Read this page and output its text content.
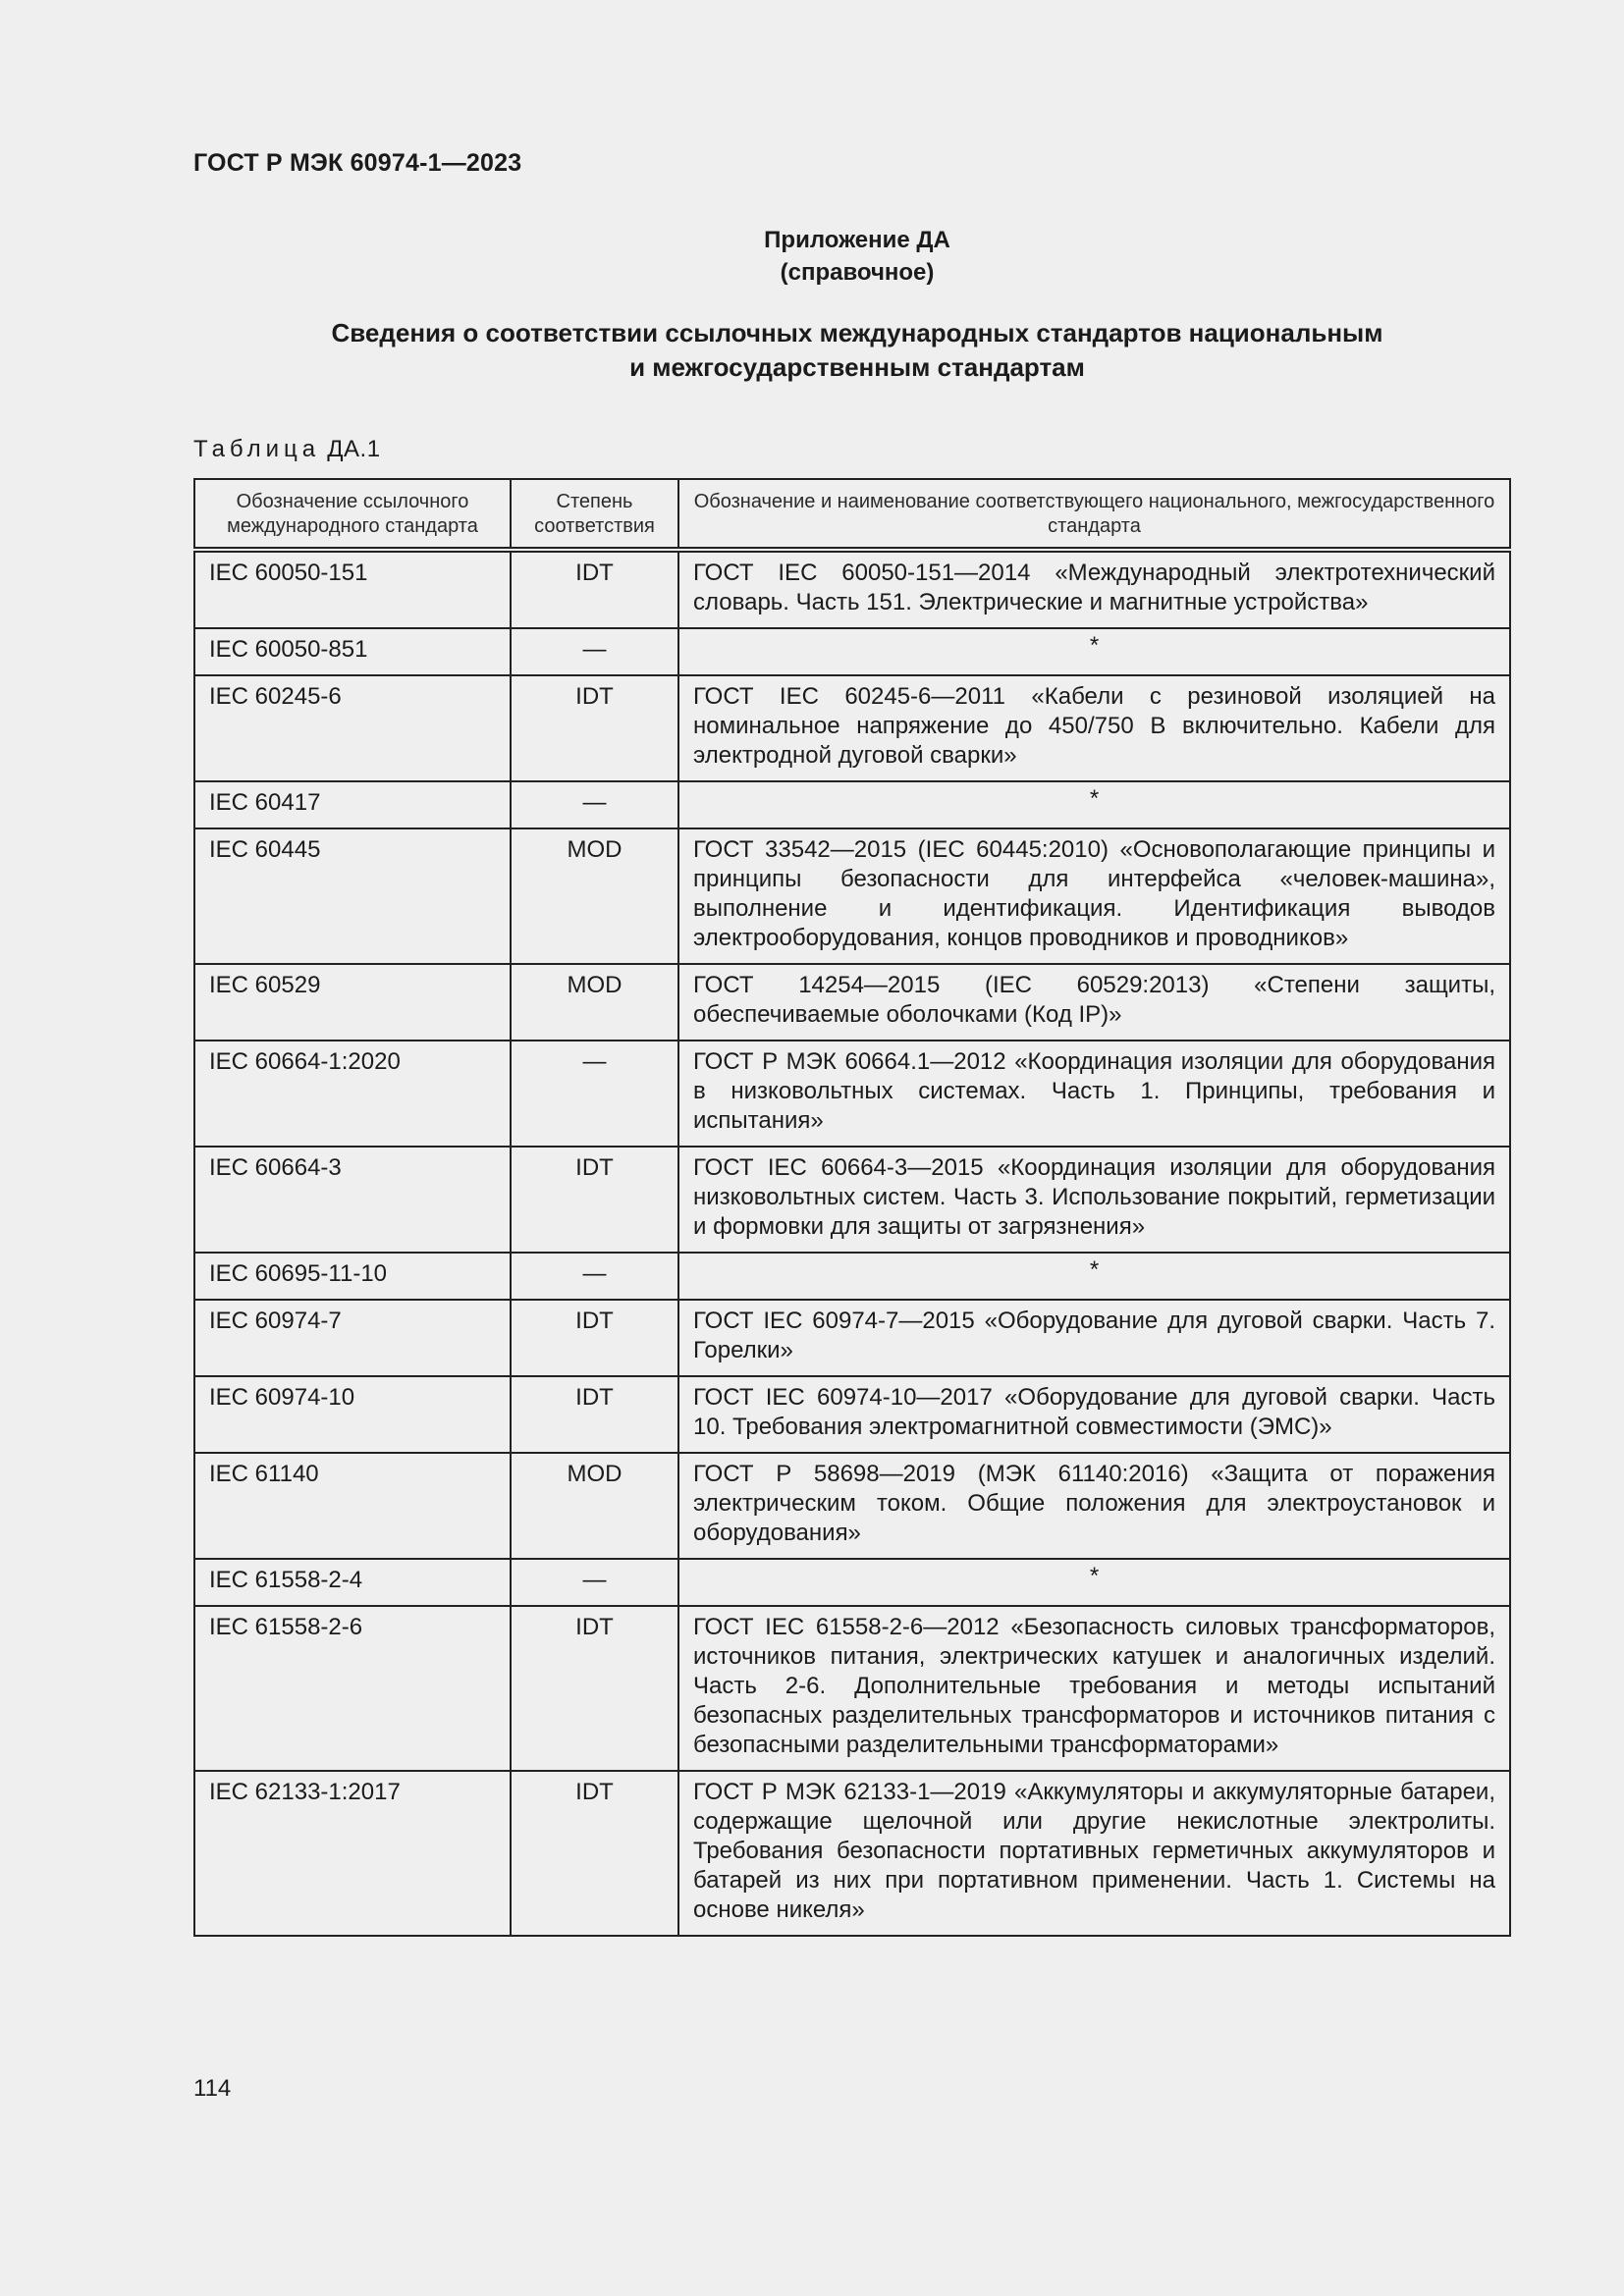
ГОСТ Р МЭК 60974-1—2023
Приложение ДА
(справочное)
Сведения о соответствии ссылочных международных стандартов национальным
и межгосударственным стандартам
Таблица ДА.1
Обозначение ссылочного международного стандарта	Степень соответствия	Обозначение и наименование соответствующего национального, межгосударственного стандарта
IEC 60050-151	IDT	ГОСТ IEC 60050-151—2014 «Международный электротехнический словарь. Часть 151. Электрические и магнитные устройства»
IEC 60050-851	—	*
IEC 60245-6	IDT	ГОСТ IEC 60245-6—2011 «Кабели с резиновой изоляцией на номинальное напряжение до 450/750 В включительно. Кабели для электродной дуговой сварки»
IEC 60417	—	*
IEC 60445	MOD	ГОСТ 33542—2015 (IEC 60445:2010) «Основополагающие принципы и принципы безопасности для интерфейса «человек-машина», выполнение и идентификация. Идентификация выводов электрооборудования, концов проводников и проводников»
IEC 60529	MOD	ГОСТ 14254—2015 (IEC 60529:2013) «Степени защиты, обеспечиваемые оболочками (Код IP)»
IEC 60664-1:2020	—	ГОСТ Р МЭК 60664.1—2012 «Координация изоляции для оборудования в низковольтных системах. Часть 1. Принципы, требования и испытания»
IEC 60664-3	IDT	ГОСТ IEC 60664-3—2015 «Координация изоляции для оборудования низковольтных систем. Часть 3. Использование покрытий, герметизации и формовки для защиты от загрязнения»
IEC 60695-11-10	—	*
IEC 60974-7	IDT	ГОСТ IEC 60974-7—2015 «Оборудование для дуговой сварки. Часть 7. Горелки»
IEC 60974-10	IDT	ГОСТ IEC 60974-10—2017 «Оборудование для дуговой сварки. Часть 10. Требования электромагнитной совместимости (ЭМС)»
IEC 61140	MOD	ГОСТ Р 58698—2019 (МЭК 61140:2016) «Защита от поражения электрическим током. Общие положения для электроустановок и оборудования»
IEC 61558-2-4	—	*
IEC 61558-2-6	IDT	ГОСТ IEC 61558-2-6—2012 «Безопасность силовых трансформаторов, источников питания, электрических катушек и аналогичных изделий. Часть 2-6. Дополнительные требования и методы испытаний безопасных разделительных трансформаторов и источников питания с безопасными разделительными трансформаторами»
IEC 62133-1:2017	IDT	ГОСТ Р МЭК 62133-1—2019 «Аккумуляторы и аккумуляторные батареи, содержащие щелочной или другие некислотные электролиты. Требования безопасности портативных герметичных аккумуляторов и батарей из них при портативном применении. Часть 1. Системы на основе никеля»
114
